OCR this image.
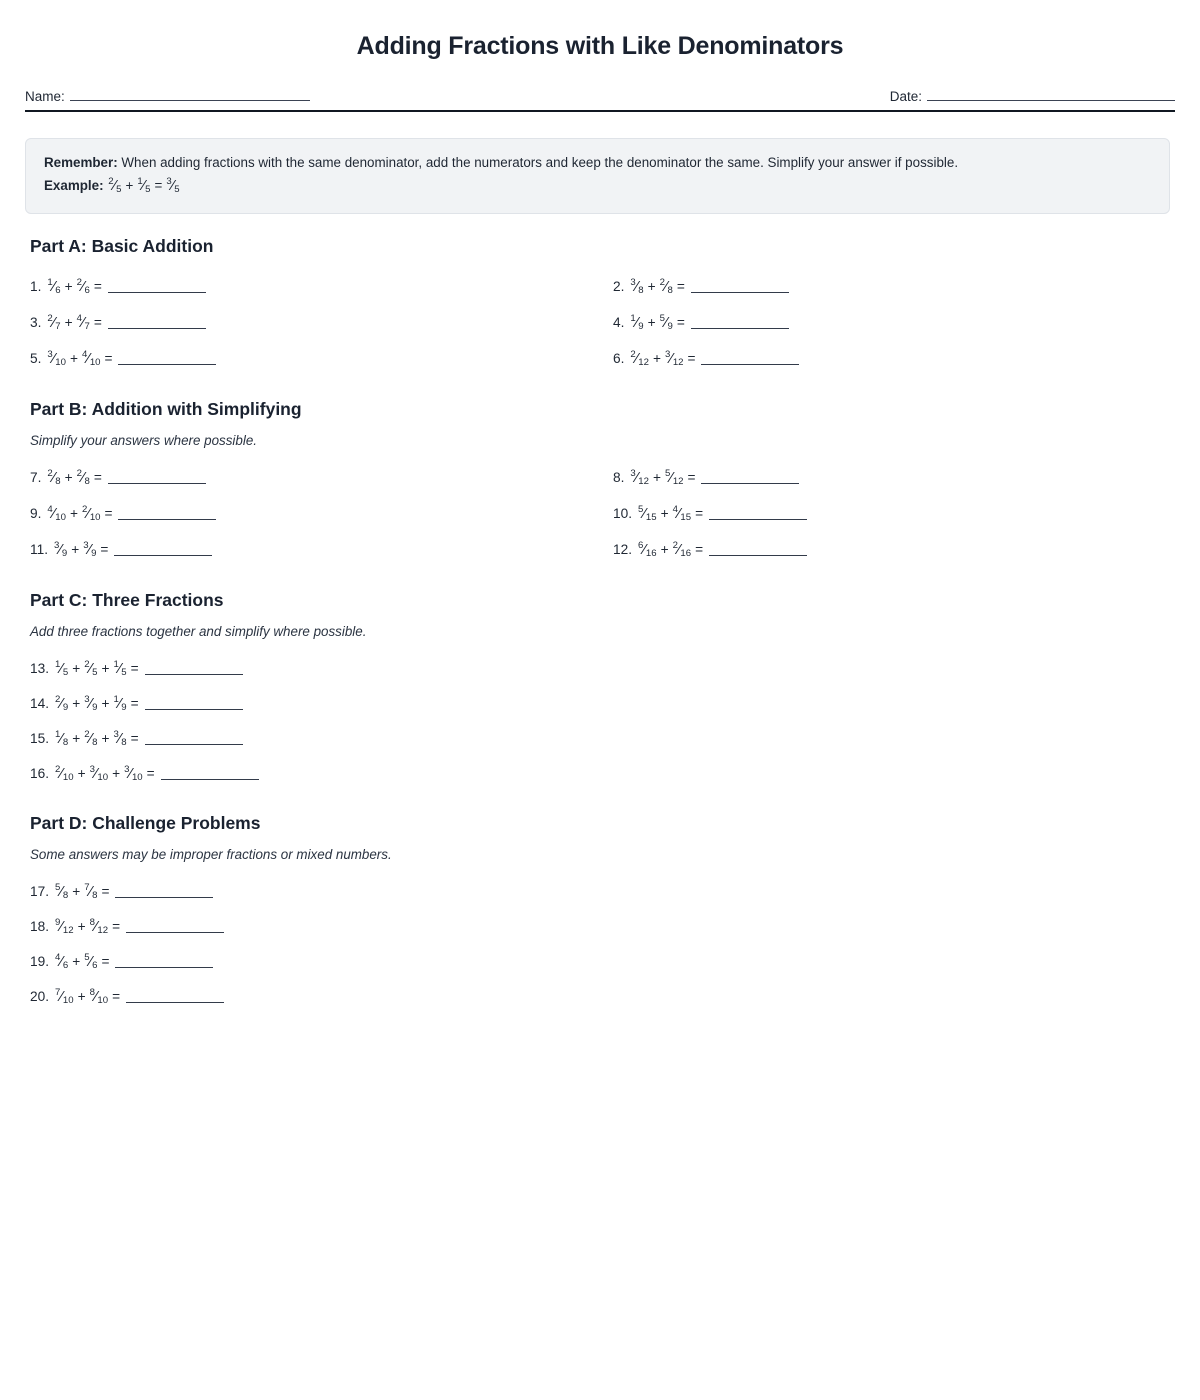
Adding Fractions with Like Denominators
Name:	Date:
Remember: When adding fractions with the same denominator, add the numerators and keep the denominator the same. Simplify your answer if possible.
Example: $^2$⁄5 + $^1$⁄5 = $^3$⁄5
Part A: Basic Addition
1. $^1$⁄6 + $^2$⁄6 =	2. $^3$⁄8 + $^2$⁄8 =
3. $^2$⁄7 + $^4$⁄7 =	4. $^1$⁄9 + $^5$⁄9 =
5. $^3$⁄10 + $^4$⁄10 =	6. $^2$⁄12 + $^3$⁄12 =
Part B: Addition with Simplifying
Simplify your answers where possible.
7. $^2$⁄8 + $^2$⁄8 =	8. $^3$⁄12 + $^5$⁄12 =
9. $^4$⁄10 + $^2$⁄10 =	10. $^5$⁄15 + $^4$⁄15 =
11. $^3$⁄9 + $^3$⁄9 =	12. $^6$⁄16 + $^2$⁄16 =
Part C: Three Fractions
Add three fractions together and simplify where possible.
13. $^1$⁄5 + $^2$⁄5 + $^1$⁄5 =
14. $^2$⁄9 + $^3$⁄9 + $^1$⁄9 =
15. $^1$⁄8 + $^2$⁄8 + $^3$⁄8 =
16. $^2$⁄10 + $^3$⁄10 + $^3$⁄10 =
Part D: Challenge Problems
Some answers may be improper fractions or mixed numbers.
17. $^5$⁄8 + $^7$⁄8 =
18. $^9$⁄12 + $^8$⁄12 =
19. $^4$⁄6 + $^5$⁄6 =
20. $^7$⁄10 + $^8$⁄10 =
